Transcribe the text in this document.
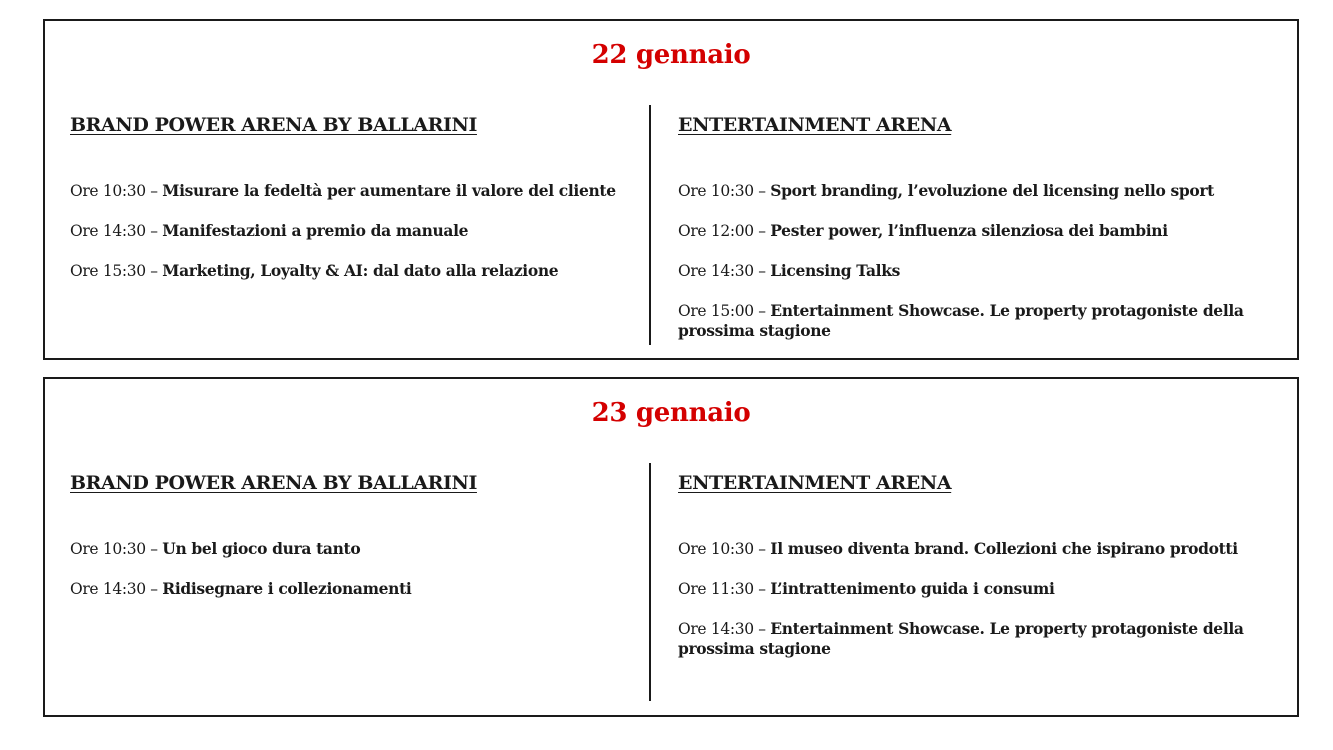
22 gennaio
BRAND POWER ARENA BY BALLARINI
Ore 10:30 – Misurare la fedeltà per aumentare il valore del cliente
Ore 14:30 – Manifestazioni a premio da manuale
Ore 15:30 – Marketing, Loyalty & AI: dal dato alla relazione
ENTERTAINMENT ARENA
Ore 10:30 – Sport branding, l’evoluzione del licensing nello sport
Ore 12:00 – Pester power, l’influenza silenziosa dei bambini
Ore 14:30 – Licensing Talks
Ore 15:00 – Entertainment Showcase. Le property protagoniste della prossima stagione
23 gennaio
BRAND POWER ARENA BY BALLARINI
Ore 10:30 – Un bel gioco dura tanto
Ore 14:30 – Ridisegnare i collezionamenti
ENTERTAINMENT ARENA
Ore 10:30 – Il museo diventa brand. Collezioni che ispirano prodotti
Ore 11:30 – L’intrattenimento guida i consumi
Ore 14:30 – Entertainment Showcase. Le property protagoniste della prossima stagione
